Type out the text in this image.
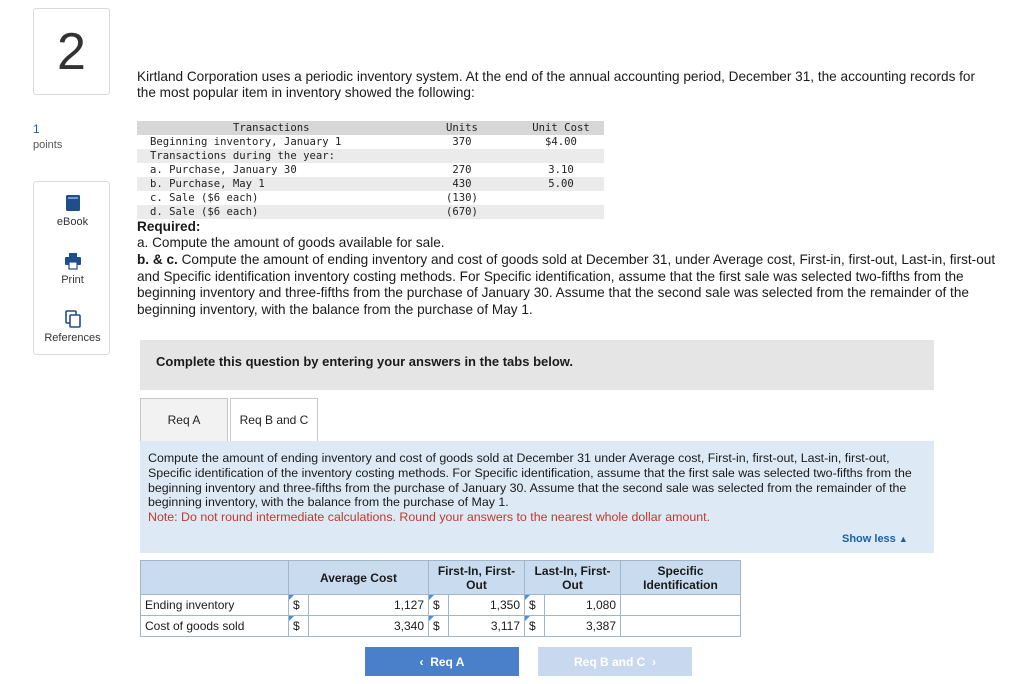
2
1
points
eBook
Print
References
Kirtland Corporation uses a periodic inventory system. At the end of the annual accounting period, December 31, the accounting records for the most popular item in inventory showed the following:
Transactions	Units	Unit Cost
Beginning inventory, January 1	370	$4.00
Transactions during the year:
a. Purchase, January 30	270	3.10
b. Purchase, May 1	430	5.00
c. Sale ($6 each)	(130)
d. Sale ($6 each)	(670)
Required:
a. Compute the amount of goods available for sale.
b. & c. Compute the amount of ending inventory and cost of goods sold at December 31, under Average cost, First-in, first-out, Last-in, first-out and Specific identification inventory costing methods. For Specific identification, assume that the first sale was selected two-fifths from the beginning inventory and three-fifths from the purchase of January 30. Assume that the second sale was selected from the remainder of the beginning inventory, with the balance from the purchase of May 1.
Complete this question by entering your answers in the tabs below.
Req A	Req B and C
Compute the amount of ending inventory and cost of goods sold at December 31 under Average cost, First-in, first-out, Last-in, first-out, Specific identification of the inventory costing methods. For Specific identification, assume that the first sale was selected two-fifths from the beginning inventory and three-fifths from the purchase of January 30. Assume that the second sale was selected from the remainder of the beginning inventory, with the balance from the purchase of May 1.
Note: Do not round intermediate calculations. Round your answers to the nearest whole dollar amount.
Show less ▲
	Average Cost		First-In, First-Out		Last-In, First-Out		Specific Identification
Ending inventory	$	1,127	$	1,350	$	1,080	
Cost of goods sold	$	3,340	$	3,117	$	3,387	
‹
Req A	Req B and C
›
